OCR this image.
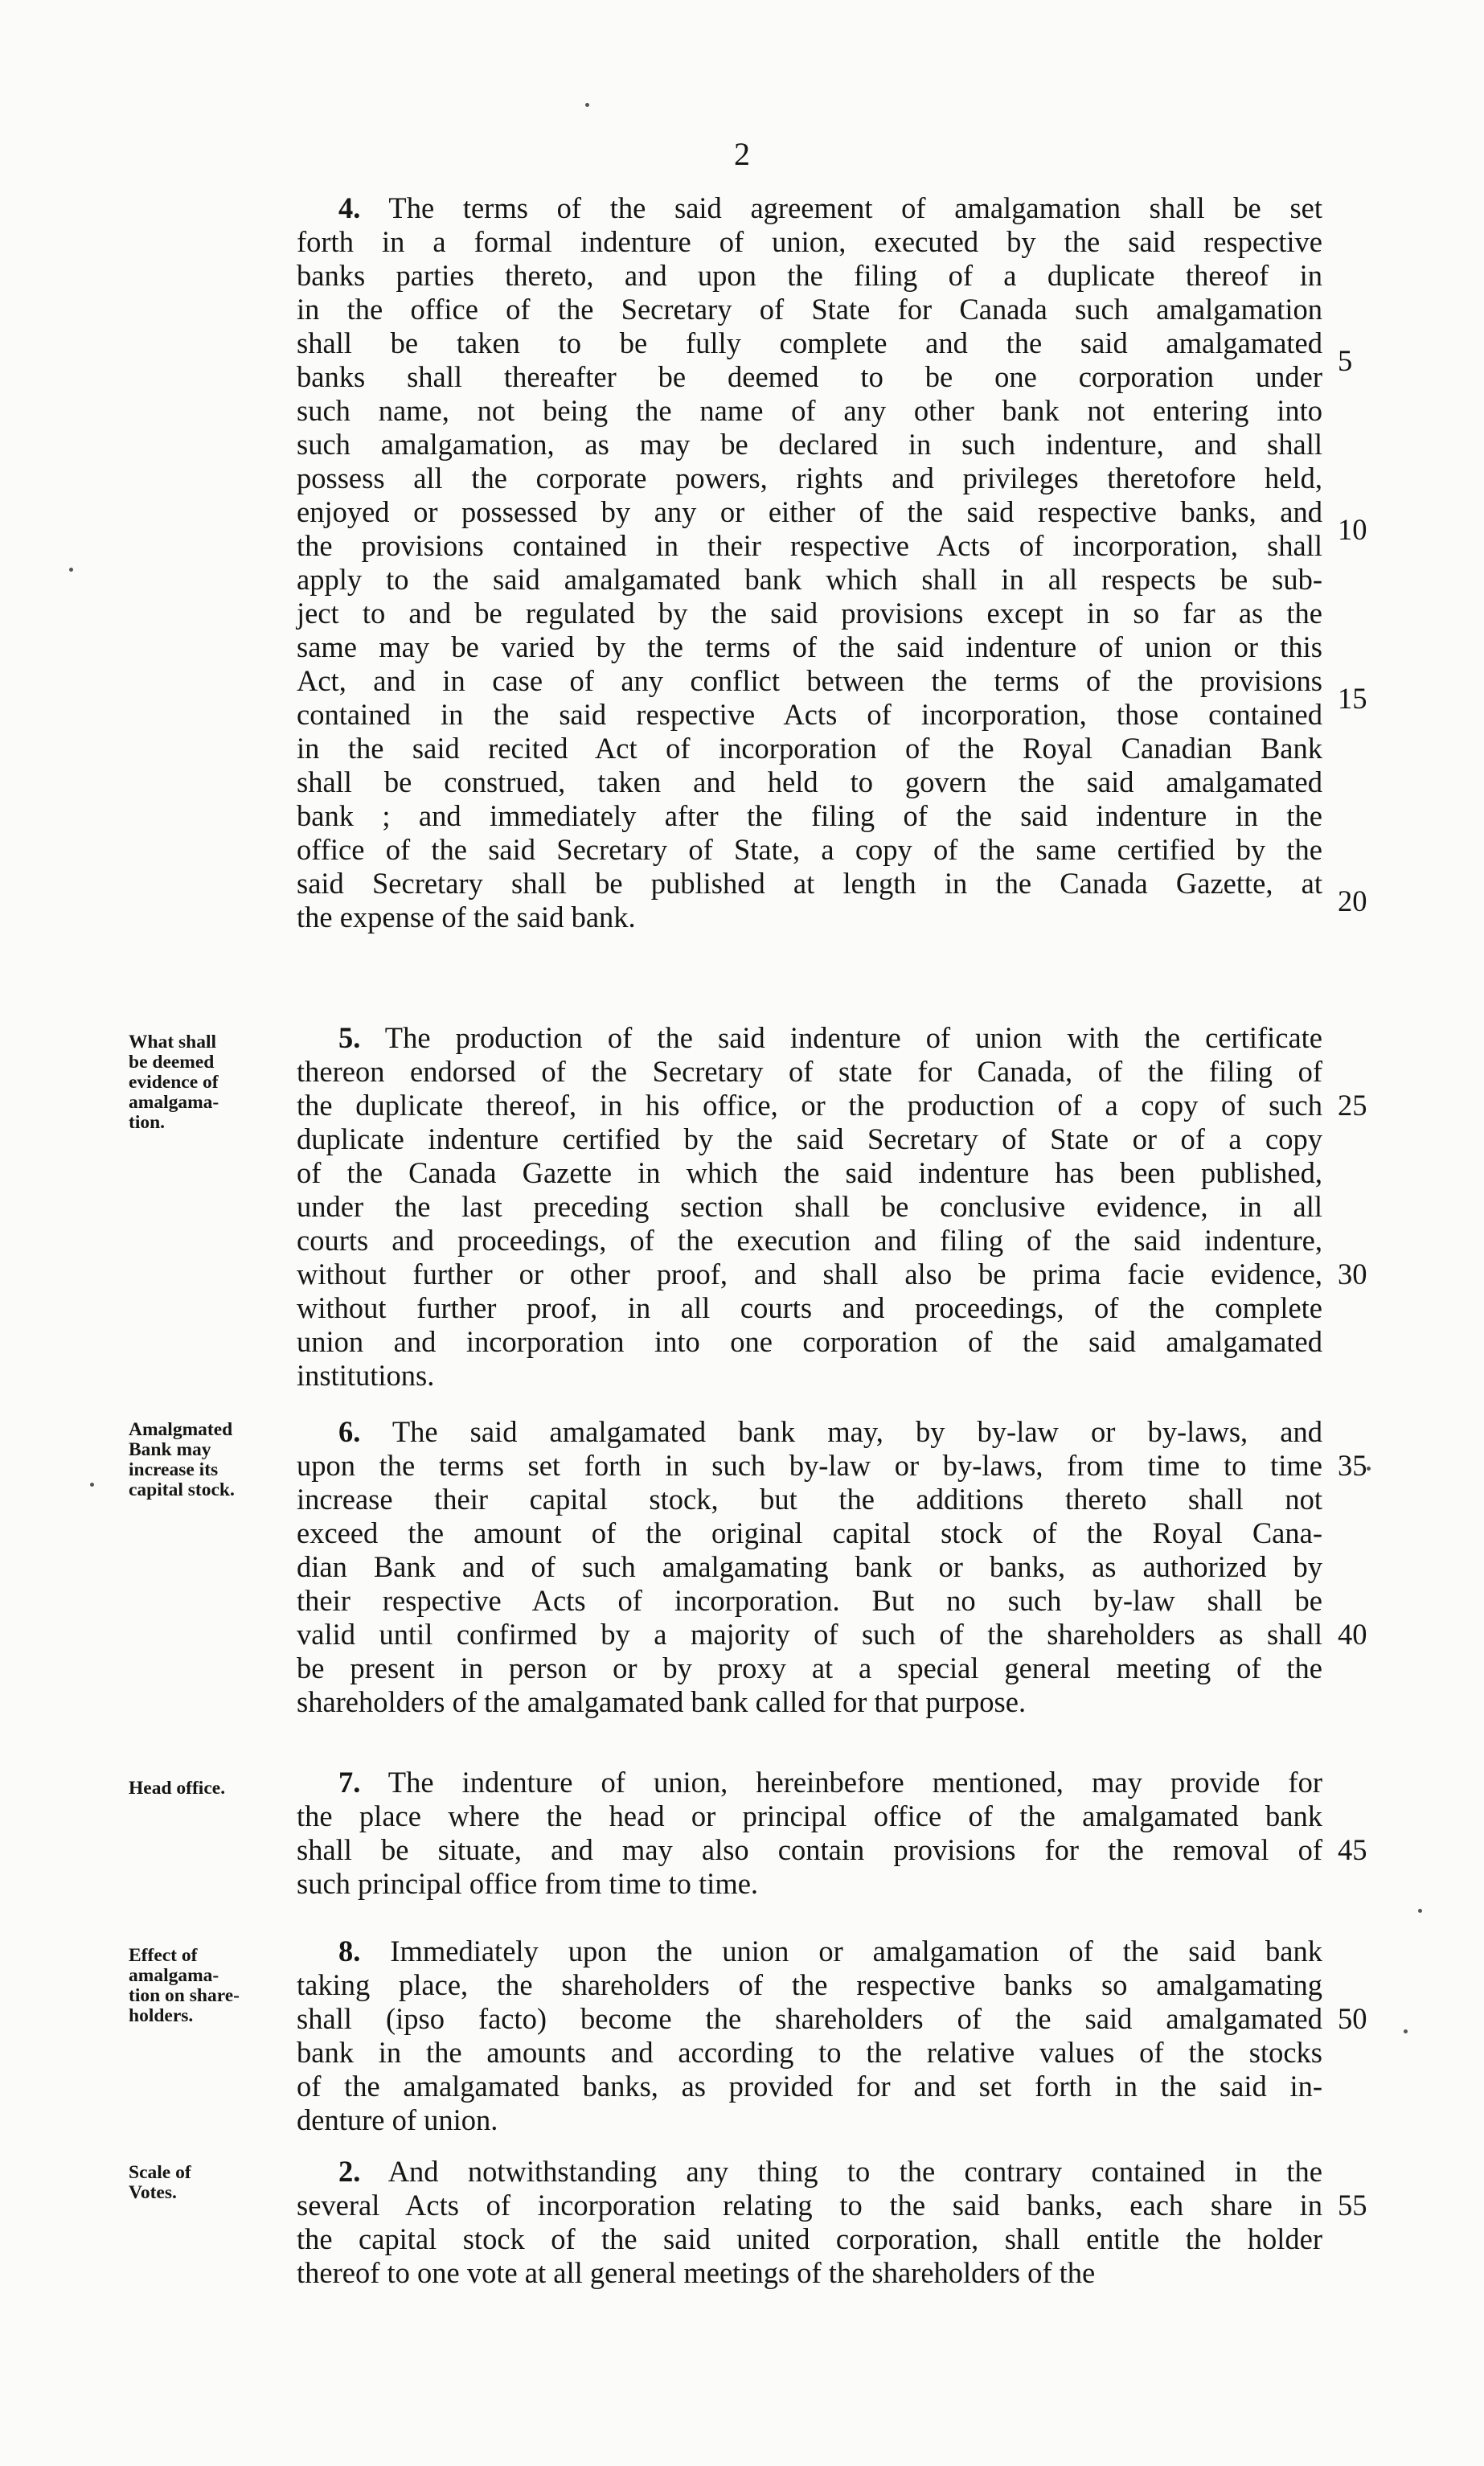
2
4. The terms of the said agreement of amalgamation shall be set
forth in a formal indenture of union, executed by the said respective
banks parties thereto, and upon the filing of a duplicate thereof in
in the office of the Secretary of State for Canada such amalgamation
shall be taken to be fully complete and the said amalgamated
banks shall thereafter be deemed to be one corporation under
such name, not being the name of any other bank not entering into
such amalgamation, as may be declared in such indenture, and shall
possess all the corporate powers, rights and privileges theretofore held,
enjoyed or possessed by any or either of the said respective banks, and
the provisions contained in their respective Acts of incorporation, shall
apply to the said amalgamated bank which shall in all respects be sub-
ject to and be regulated by the said provisions except in so far as the
same may be varied by the terms of the said indenture of union or this
Act, and in case of any conflict between the terms of the provisions
contained in the said respective Acts of incorporation, those contained
in the said recited Act of incorporation of the Royal Canadian Bank
shall be construed, taken and held to govern the said amalgamated
bank ; and immediately after the filing of the said indenture in the
office of the said Secretary of State, a copy of the same certified by the
said Secretary shall be published at length in the Canada Gazette, at
the expense of the said bank.
What shall
be deemed
evidence of
amalgama-
tion.
5. The production of the said indenture of union with the certificate
thereon endorsed of the Secretary of state for Canada, of the filing of
the duplicate thereof, in his office, or the production of a copy of such
duplicate indenture certified by the said Secretary of State or of a copy
of the Canada Gazette in which the said indenture has been published,
under the last preceding section shall be conclusive evidence, in all
courts and proceedings, of the execution and filing of the said indenture,
without further or other proof, and shall also be prima facie evidence,
without further proof, in all courts and proceedings, of the complete
union and incorporation into one corporation of the said amalgamated
institutions.
Amalgmated
Bank may
increase its
capital stock.
6. The said amalgamated bank may, by by-law or by-laws, and
upon the terms set forth in such by-law or by-laws, from time to time
increase their capital stock, but the additions thereto shall not
exceed the amount of the original capital stock of the Royal Cana-
dian Bank and of such amalgamating bank or banks, as authorized by
their respective Acts of incorporation. But no such by-law shall be
valid until confirmed by a majority of such of the shareholders as shall
be present in person or by proxy at a special general meeting of the
shareholders of the amalgamated bank called for that purpose.
Head office.	7. The indenture of union, hereinbefore mentioned, may provide for
the place where the head or principal office of the amalgamated bank
shall be situate, and may also contain provisions for the removal of
such principal office from time to time.
Effect of
amalgama-
tion on share-
holders.
8. Immediately upon the union or amalgamation of the said bank
taking place, the shareholders of the respective banks so amalgamating
shall (ipso facto) become the shareholders of the said amalgamated
bank in the amounts and according to the relative values of the stocks
of the amalgamated banks, as provided for and set forth in the said in-
denture of union.
Scale of
Votes.
2. And notwithstanding any thing to the contrary contained in the
several Acts of incorporation relating to the said banks, each share in
the capital stock of the said united corporation, shall entitle the holder
thereof to one vote at all general meetings of the shareholders of the
5
10
15
20
25
30
35
40
45
50
55
